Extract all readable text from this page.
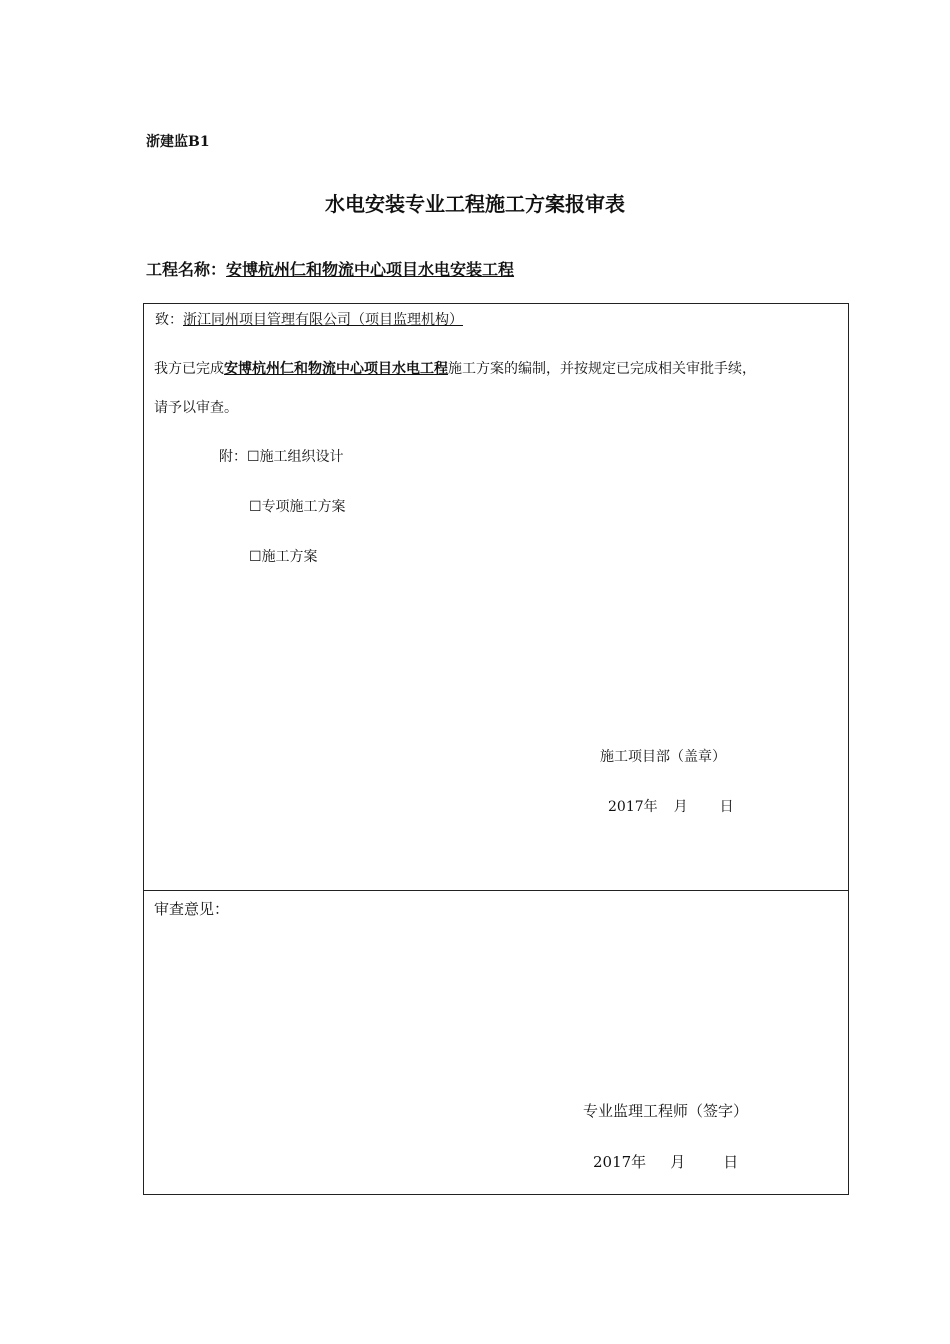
浙建监B1
水电安装专业工程施工方案报审表
工程名称：安博杭州仁和物流中心项目水电安装工程
致：浙江同州项目管理有限公司（项目监理机构）
我方已完成安博杭州仁和物流中心项目水电工程施工方案的编制，并按规定已完成相关审批手续，
请予以审查。
附：☐施工组织设计
☐专项施工方案
☐施工方案
施工项目部（盖章）
2017年 月 日
审查意见：
专业监理工程师（签字）
2017年 月	日
